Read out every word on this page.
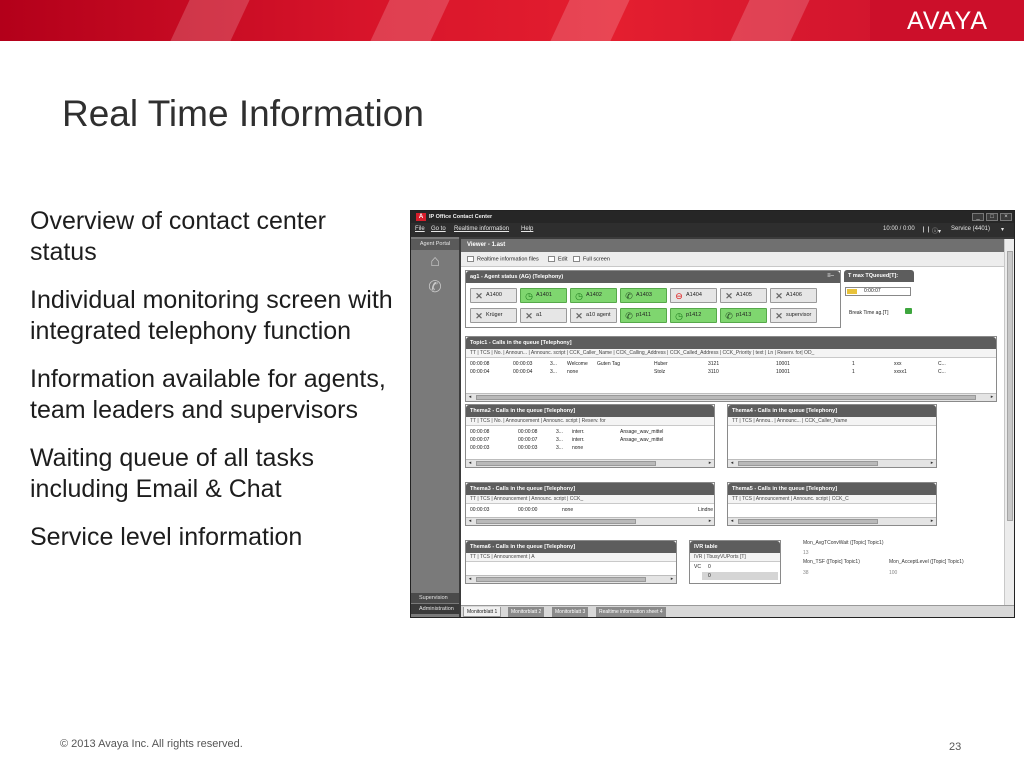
AVAYA
Real Time Information

Overview of contact center status

Individual monitoring screen with integrated telephony function

Information available for agents, team leaders and supervisors

Waiting queue of all tasks including Email & Chat

Service level information

© 2013 Avaya Inc. All rights reserved.	23
A	IP Office Contact Center	_	□	×
File Go to Realtime information Help	10:00 / 0:00 ❙❙ ⓘ▾ Service (4401) ▾
Agent Portal
⌂
✆
Supervision
Administration
Viewer - 1.ast
Realtime information files	Edit	Full screen
ag1 - Agent status (AG) (Telephony)	≡–
✕ A1400	◷ A1401	◷ A1402	✆ A1403	⊖ A1404	✕ A1405	✕ A1406
✕ Krüger	✕ a1	✕ a10 agent	✆ p1411	◷ p1412	✆ p1413	✕ supervisor
T max TQueued[T]:
0:00:07
Break Time ag.[T]
Topic1 - Calls in the queue [Telephony]
TT | TCS | No. | Announ... | Announc. script | CCK_Caller_Name | CCK_Calling_Address | CCK_Called_Address | CCK_Priority | text | Ln | Reserv. for| OD_
00:00:08	00:00:03	3... Welcome Guten Tag	Huber	3121	10001	1	xxx	C...
00:00:04	00:00:04	3... none	Stolz	3110	10001	1	xxxx1	C...
◂	▸
Thema2 - Calls in the queue [Telephony]
TT | TCS | No. | Announcement | Announc. script | Reserv. for
00:00:08	00:00:08	3... interr.	Ansage_wav_mittel
00:00:07	00:00:07	3... interr.	Ansage_wav_mittel
00:00:03	00:00:03	3... none
◂	▸
Thema4 - Calls in the queue [Telephony]
TT | TCS | Annou.. | Announc... | CCK_Caller_Name
◂	▸
Thema3 - Calls in the queue [Telephony]
TT | TCS | Announcement | Announc. script | CCK_
00:00:03	00:00:00	none	Lindne
◂	▸
Thema5 - Calls in the queue [Telephony]
TT | TCS | Announcement | Announc. script | CCK_C
◂	▸
Thema6 - Calls in the queue [Telephony]
TT | TCS | Announcement | A
◂	▸
IVR table
IVR | TbusyVUPorts [T]
VC 0
0
Mon_AvgTConvWait ([Topic] Topic1)
13
Mon_TSF ([Topic] Topic1)	Mon_AcceptLevel ([Topic] Topic1)
38	100
Monitorblatt 1	Monitorblatt 2	Monitorblatt 3	Realtime information sheet 4
